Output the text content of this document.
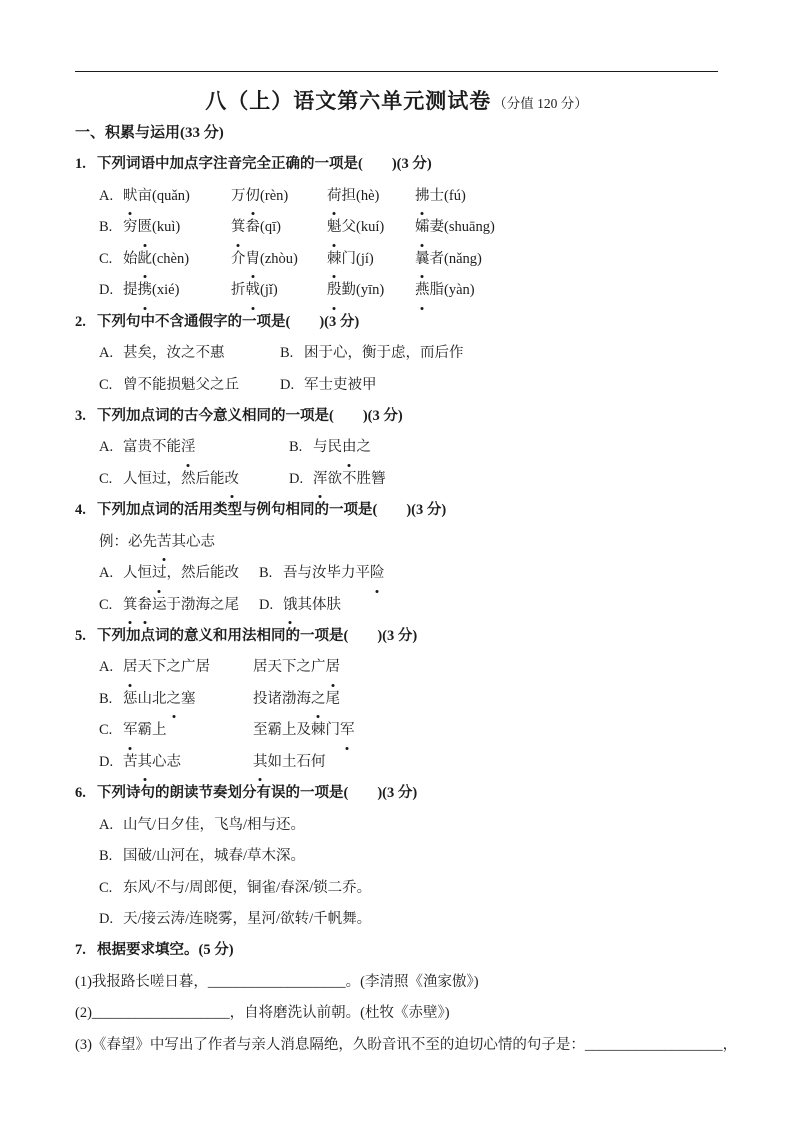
八（上）语文第六单元测试卷 （分值 120 分）
一、积累与运用(33 分)
1. 下列词语中加点字注音完全正确的一项是(        )(3 分)
A. 畎亩(quǎn)	万仞(rèn)	荷担(hè)	拂士(fú)
B. 穷匮(kuì)	箕畚(qī)	魁父(kuí)	孀妻(shuāng)
C. 始龀(chèn)	介胄(zhòu)	棘门(jí)	曩者(nǎng)
D. 提携(xié)	折戟(jǐ)	殷勤(yīn)	燕脂(yàn)
2. 下列句中不含通假字的一项是(        )(3 分)
A. 甚矣，汝之不惠	B. 困于心，衡于虑，而后作
C. 曾不能损魁父之丘	D. 军士吏被甲
3. 下列加点词的古今意义相同的一项是(        )(3 分)
A. 富贵不能淫	B. 与民由之
C. 人恒过，然后能改	D. 浑欲不胜簪
4. 下列加点词的活用类型与例句相同的一项是(        )(3 分)
例：必先苦其心志
A. 人恒过，然后能改	B. 吾与汝毕力平险
C. 箕畚运于渤海之尾	D. 饿其体肤
5. 下列加点词的意义和用法相同的一项是(        )(3 分)
A. 居天下之广居	居天下之广居
B. 惩山北之塞	投诸渤海之尾
C. 军霸上	至霸上及棘门军
D. 苦其心志	其如土石何
6. 下列诗句的朗读节奏划分有误的一项是(        )(3 分)
A. 山气/日夕佳，飞鸟/相与还。
B. 国破/山河在，城春/草木深。
C. 东风/不与/周郎便，铜雀/春深/锁二乔。
D. 天/接云涛/连晓雾，星河/欲转/千帆舞。
7. 根据要求填空。(5 分)
(1)我报路长嗟日暮，___________________。(李清照《渔家傲》)
(2)___________________，自将磨洗认前朝。(杜牧《赤壁》)
(3)《春望》中写出了作者与亲人消息隔绝，久盼音讯不至的迫切心情的句子是：___________________，
